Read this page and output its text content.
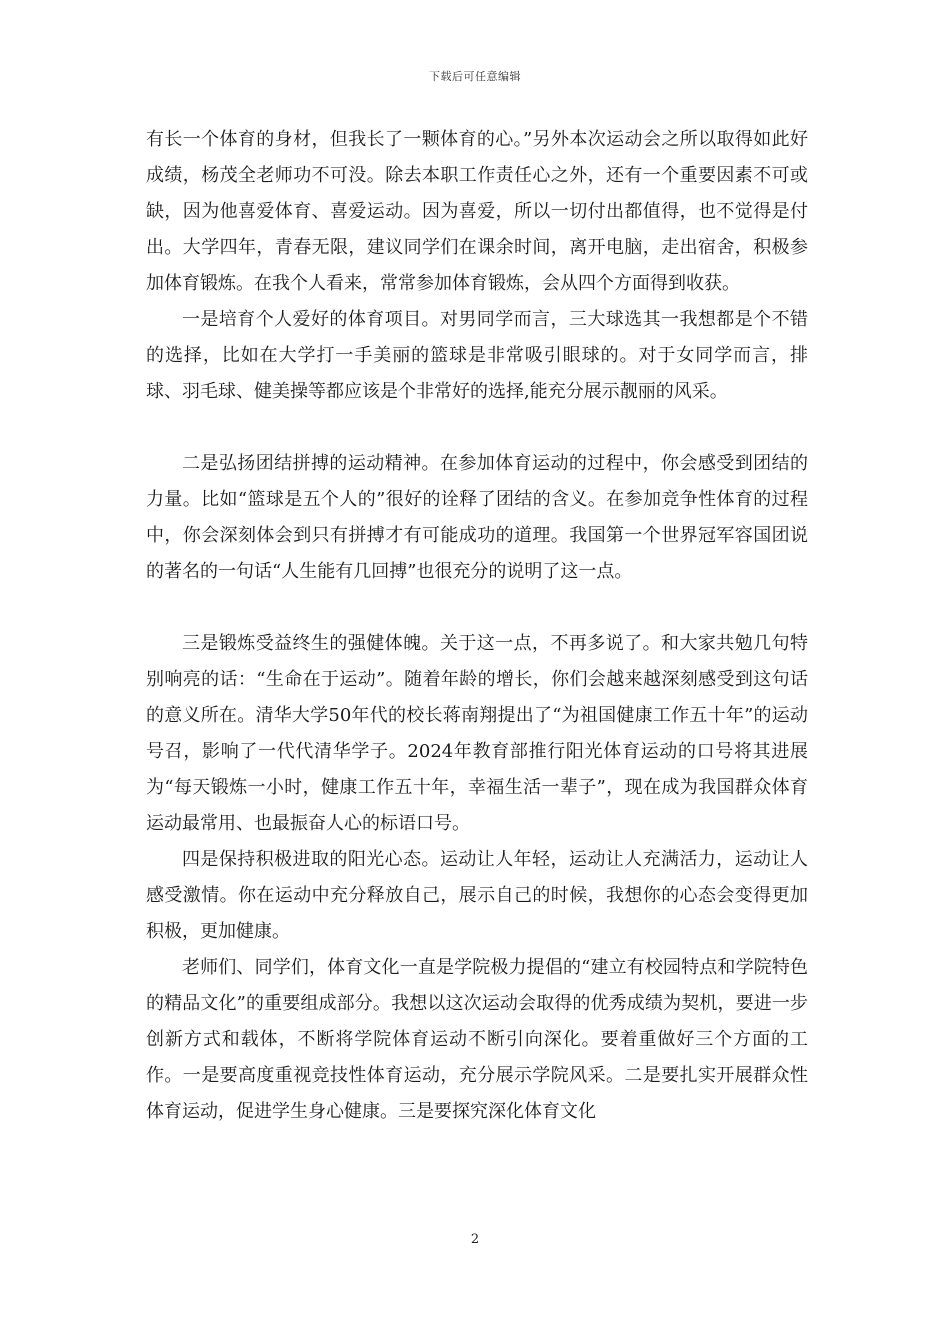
下载后可任意编辑

有长一个体育的身材，但我长了一颗体育的心。”另外本次运动会之所以取得如此好成绩，杨茂全老师功不可没。除去本职工作责任心之外，还有一个重要因素不可或缺，因为他喜爱体育、喜爱运动。因为喜爱，所以一切付出都值得，也不觉得是付出。大学四年，青春无限，建议同学们在课余时间，离开电脑，走出宿舍，积极参加体育锻炼。在我个人看来，常常参加体育锻炼，会从四个方面得到收获。

一是培育个人爱好的体育项目。对男同学而言，三大球选其一我想都是个不错的选择，比如在大学打一手美丽的篮球是非常吸引眼球的。对于女同学而言，排球、羽毛球、健美操等都应该是个非常好的选择,能充分展示靓丽的风采。

二是弘扬团结拼搏的运动精神。在参加体育运动的过程中，你会感受到团结的力量。比如“篮球是五个人的”很好的诠释了团结的含义。在参加竞争性体育的过程中，你会深刻体会到只有拼搏才有可能成功的道理。我国第一个世界冠军容国团说的著名的一句话“人生能有几回搏”也很充分的说明了这一点。

三是锻炼受益终生的强健体魄。关于这一点，不再多说了。和大家共勉几句特别响亮的话：“生命在于运动”。随着年龄的增长，你们会越来越深刻感受到这句话的意义所在。清华大学50年代的校长蒋南翔提出了“为祖国健康工作五十年”的运动号召，影响了一代代清华学子。2024年教育部推行阳光体育运动的口号将其进展为“每天锻炼一小时，健康工作五十年，幸福生活一辈子”，现在成为我国群众体育运动最常用、也最振奋人心的标语口号。

四是保持积极进取的阳光心态。运动让人年轻，运动让人充满活力，运动让人感受激情。你在运动中充分释放自己，展示自己的时候，我想你的心态会变得更加积极，更加健康。

老师们、同学们，体育文化一直是学院极力提倡的“建立有校园特点和学院特色的精品文化”的重要组成部分。我想以这次运动会取得的优秀成绩为契机，要进一步创新方式和载体，不断将学院体育运动不断引向深化。要着重做好三个方面的工作。一是要高度重视竞技性体育运动，充分展示学院风采。二是要扎实开展群众性体育运动，促进学生身心健康。三是要探究深化体育文化

2
